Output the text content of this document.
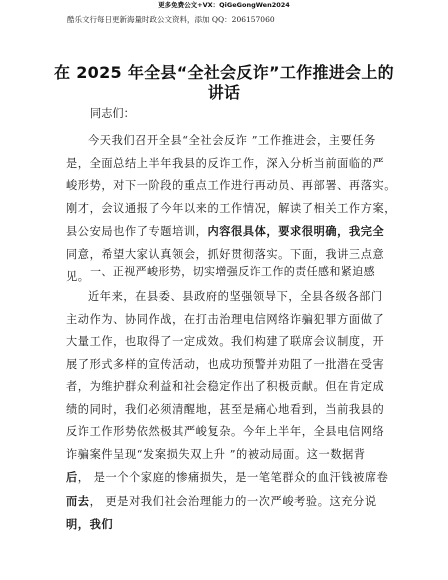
更多免费公文+VX：QiGeGongWen2024
酷乐文行每日更新海量时政公文资料，添加 QQ：206157060
在 2025 年全县“全社会反诈”工作推进会上的
讲话
同志们：
今天我们召开全县“全社会反诈 ”工作推进会，主要任务
是，全面总结上半年我县的反诈工作，深入分析当前面临的严
峻形势，对下一阶段的重点工作进行再动员、再部署、再落实。
刚才，会议通报了今年以来的工作情况，解读了相关工作方案，
县公安局也作了专题培训，内容很具体，要求很明确，我完全
同意，希望大家认真领会，抓好贯彻落实。下面，我讲三点意
见。 一、正视严峻形势，切实增强反诈工作的责任感和紧迫感
近年来，在县委、县政府的坚强领导下，全县各级各部门
主动作为、协同作战，在打击治理电信网络诈骗犯罪方面做了
大量工作，也取得了一定成效。我们构建了联席会议制度，开
展了形式多样的宣传活动，也成功预警并劝阻了一批潜在受害
者，为维护群众利益和社会稳定作出了积极贡献。但在肯定成
绩的同时，我们必须清醒地，甚至是痛心地看到，当前我县的
反诈工作形势依然极其严峻复杂。今年上半年，全县电信网络
诈骗案件呈现“发案损失双上升 ”的被动局面。这一数据背
后， 是一个个家庭的惨痛损失，是一笔笔群众的血汗钱被席卷
而去， 更是对我们社会治理能力的一次严峻考验。这充分说
明，我们
